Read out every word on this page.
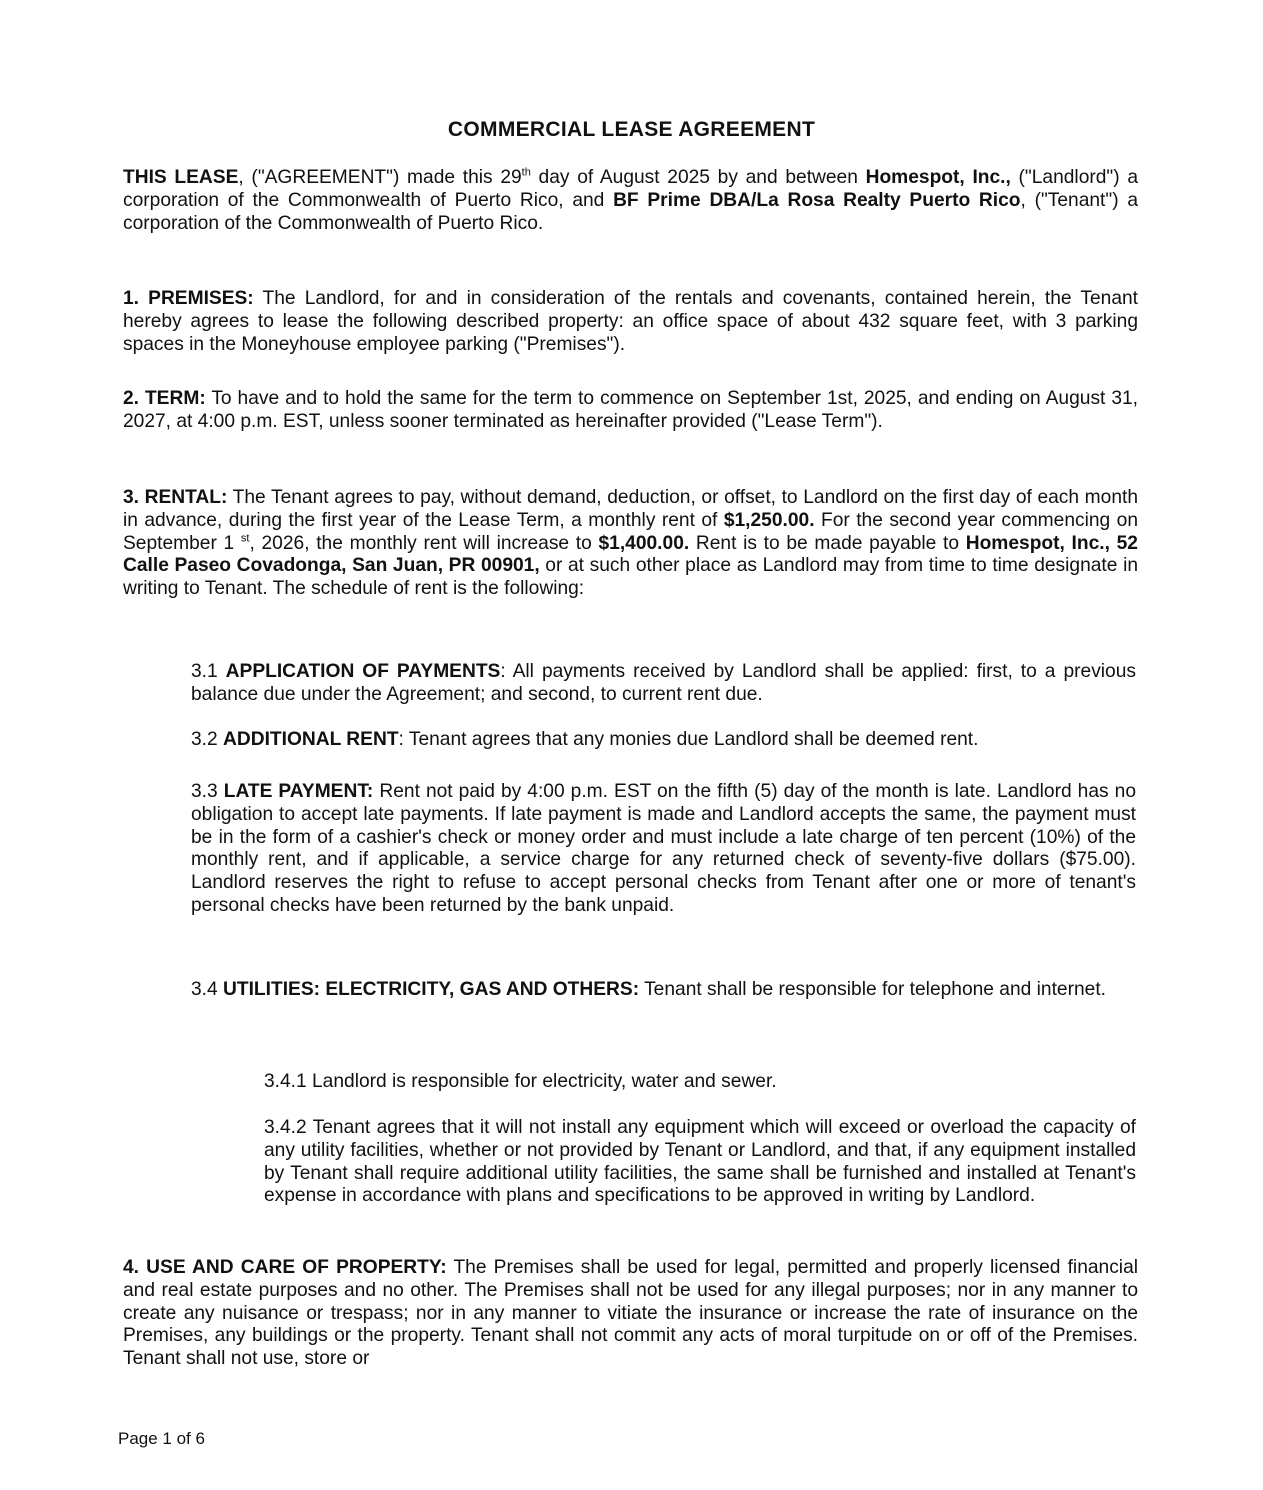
COMMERCIAL LEASE AGREEMENT
THIS LEASE, ("AGREEMENT") made this 29th day of August 2025 by and between Homespot, Inc., ("Landlord") a corporation of the Commonwealth of Puerto Rico, and BF Prime DBA/La Rosa Realty Puerto Rico, ("Tenant") a corporation of the Commonwealth of Puerto Rico.
1. PREMISES: The Landlord, for and in consideration of the rentals and covenants, contained herein, the Tenant hereby agrees to lease the following described property: an office space of about 432 square feet, with 3 parking spaces in the Moneyhouse employee parking ("Premises").
2. TERM: To have and to hold the same for the term to commence on September 1st, 2025, and ending on August 31, 2027, at 4:00 p.m. EST, unless sooner terminated as hereinafter provided ("Lease Term").
3. RENTAL: The Tenant agrees to pay, without demand, deduction, or offset, to Landlord on the first day of each month in advance, during the first year of the Lease Term, a monthly rent of $1,250.00. For the second year commencing on September 1 $^{st}$, 2026, the monthly rent will increase to $1,400.00. Rent is to be made payable to Homespot, Inc., 52 Calle Paseo Covadonga, San Juan, PR 00901, or at such other place as Landlord may from time to time designate in writing to Tenant. The schedule of rent is the following:
3.1 APPLICATION OF PAYMENTS: All payments received by Landlord shall be applied: first, to a previous balance due under the Agreement; and second, to current rent due.
3.2 ADDITIONAL RENT: Tenant agrees that any monies due Landlord shall be deemed rent.
3.3 LATE PAYMENT: Rent not paid by 4:00 p.m. EST on the fifth (5) day of the month is late. Landlord has no obligation to accept late payments. If late payment is made and Landlord accepts the same, the payment must be in the form of a cashier's check or money order and must include a late charge of ten percent (10%) of the monthly rent, and if applicable, a service charge for any returned check of seventy-five dollars ($75.00). Landlord reserves the right to refuse to accept personal checks from Tenant after one or more of tenant's personal checks have been returned by the bank unpaid.
3.4 UTILITIES: ELECTRICITY, GAS AND OTHERS: Tenant shall be responsible for telephone and internet.
3.4.1 Landlord is responsible for electricity, water and sewer.
3.4.2 Tenant agrees that it will not install any equipment which will exceed or overload the capacity of any utility facilities, whether or not provided by Tenant or Landlord, and that, if any equipment installed by Tenant shall require additional utility facilities, the same shall be furnished and installed at Tenant's expense in accordance with plans and specifications to be approved in writing by Landlord.
4. USE AND CARE OF PROPERTY: The Premises shall be used for legal, permitted and properly licensed financial and real estate purposes and no other. The Premises shall not be used for any illegal purposes; nor in any manner to create any nuisance or trespass; nor in any manner to vitiate the insurance or increase the rate of insurance on the Premises, any buildings or the property. Tenant shall not commit any acts of moral turpitude on or off of the Premises. Tenant shall not use, store or
Page 1 of 6
